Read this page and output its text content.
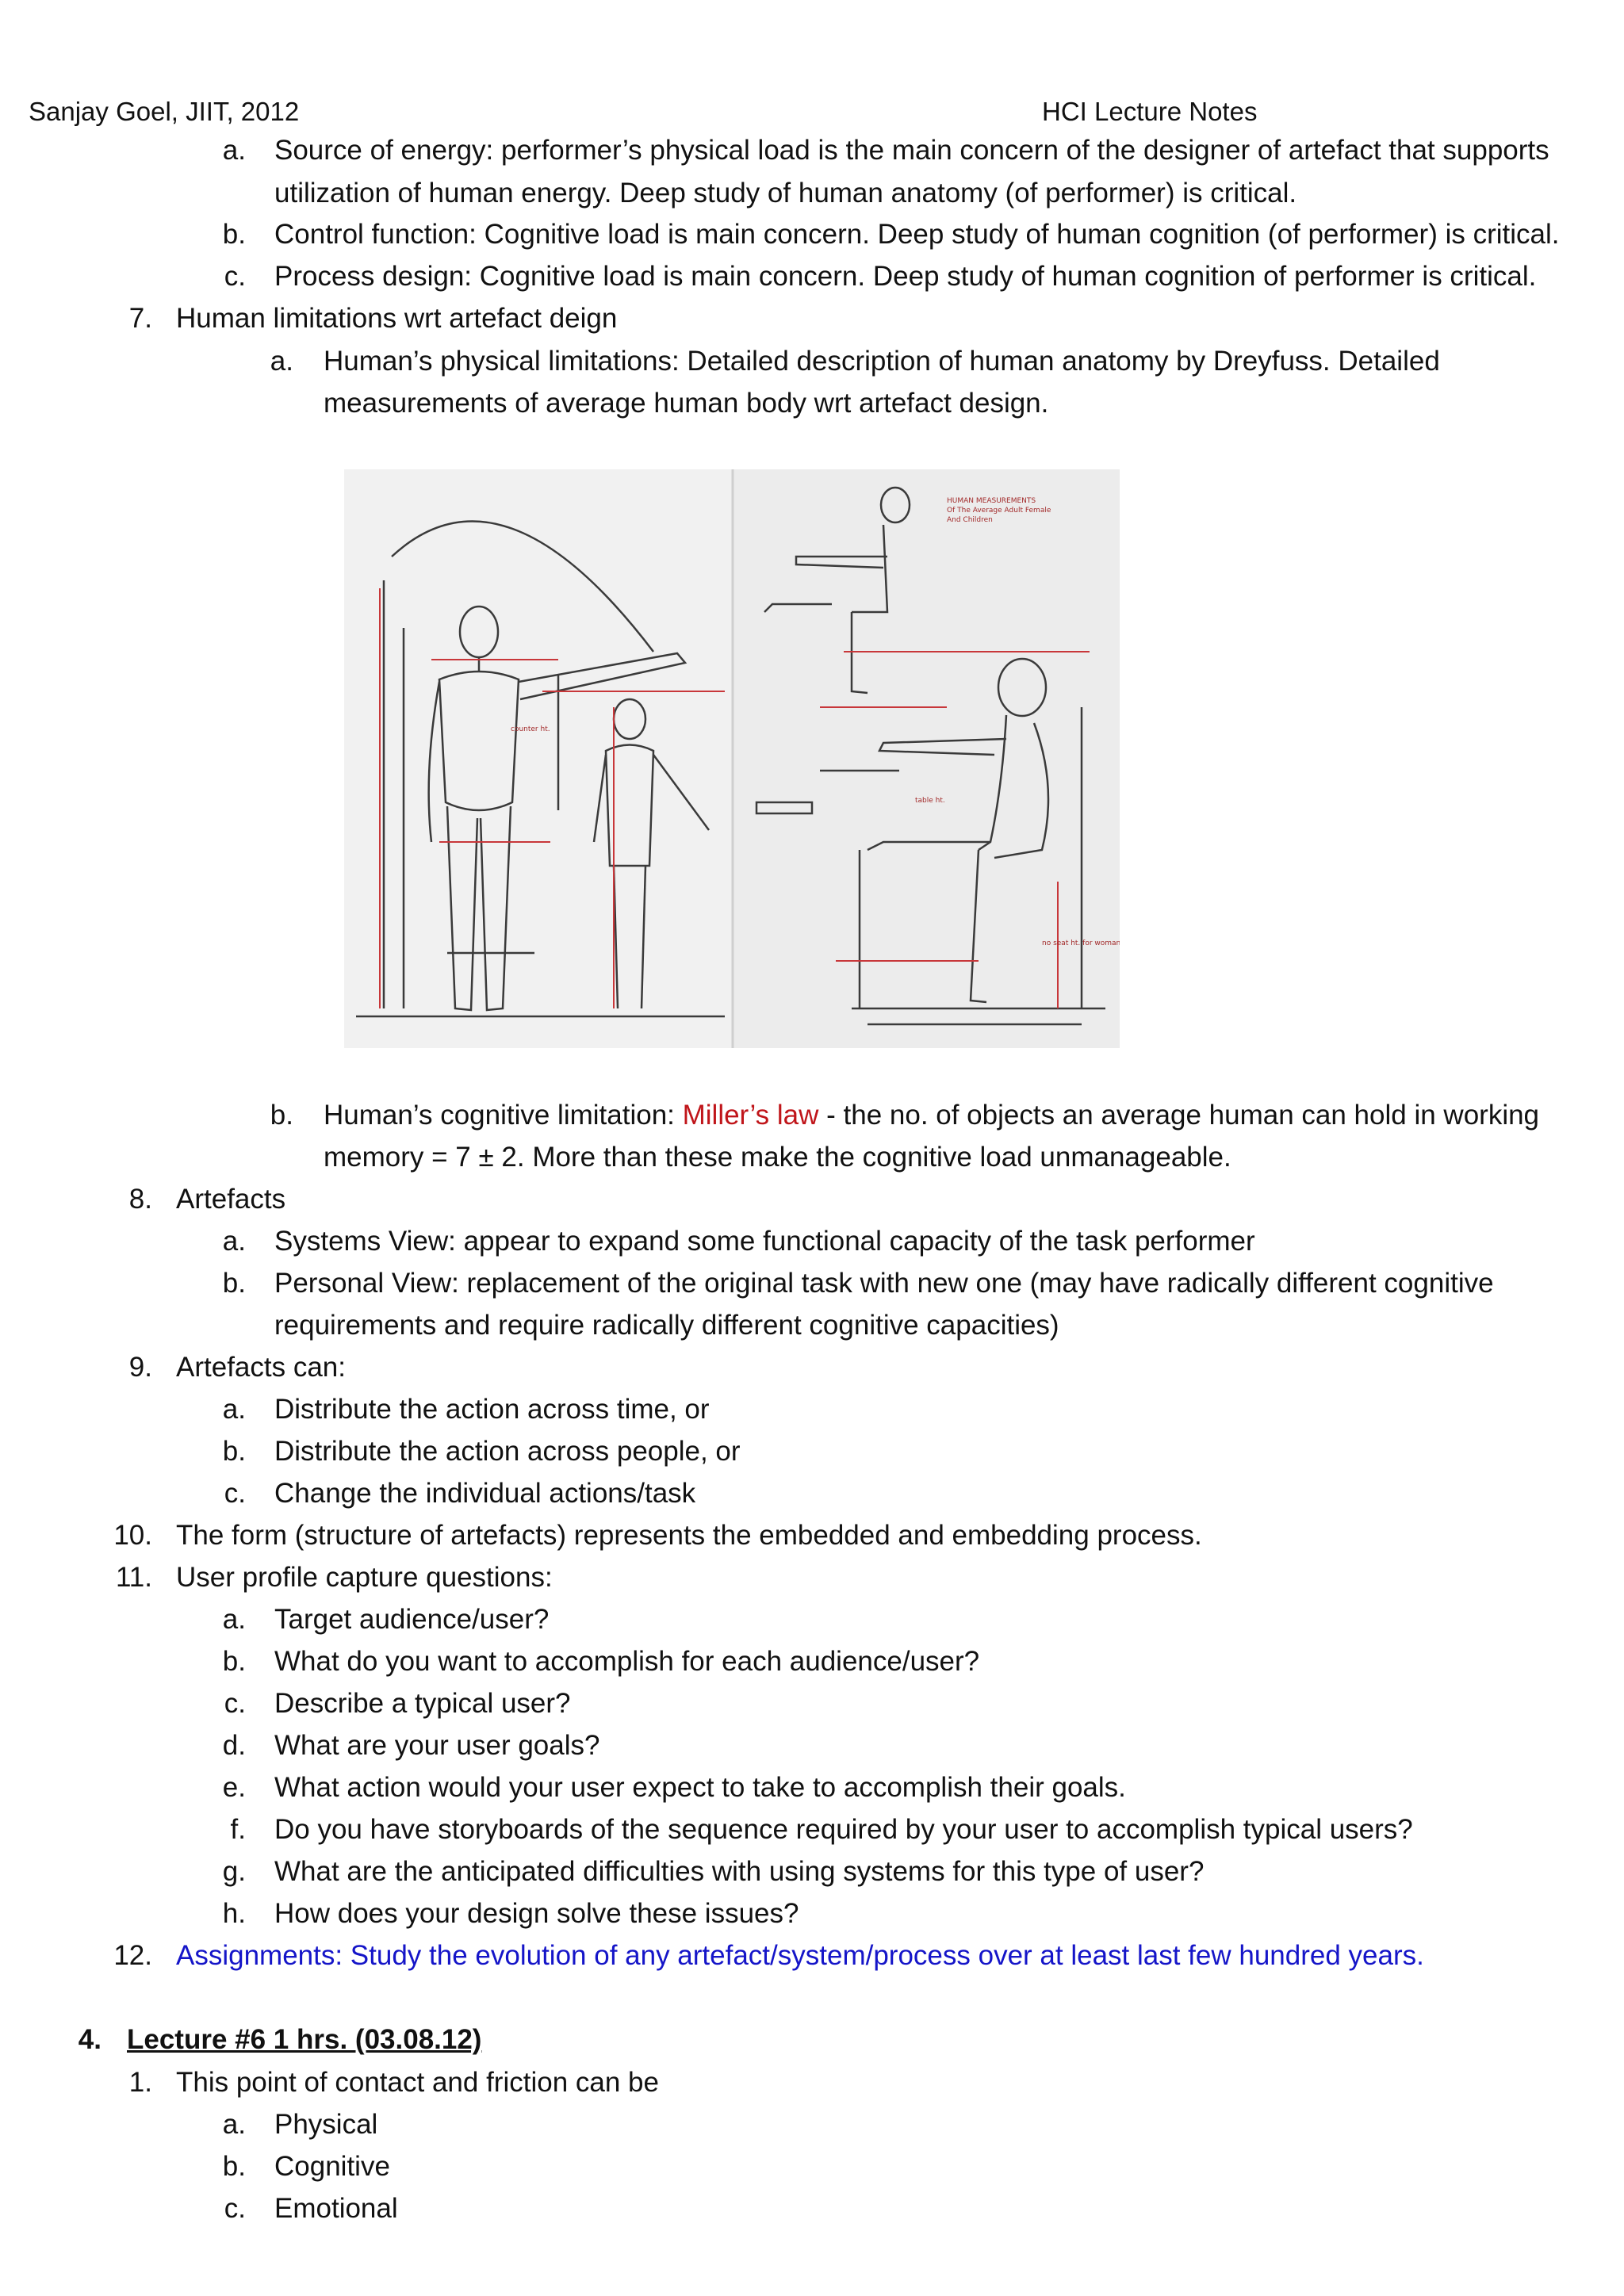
Sanjay Goel, JIIT, 2012	HCI Lecture Notes
a. Source of energy: performer’s physical load is the main concern of the designer of artefact that supports
utilization of human energy. Deep study of human anatomy (of performer) is critical.
b. Control function: Cognitive load is main concern. Deep study of human cognition (of performer) is critical.
c. Process design: Cognitive load is main concern. Deep study of human cognition of performer is critical.
7. Human limitations wrt artefact deign
a. Human’s physical limitations: Detailed description of human anatomy by Dreyfuss. Detailed
measurements of average human body wrt artefact design.
HUMAN MEASUREMENTS
Of The Average Adult Female
And Children
counter ht.
table ht.
no seat ht. for woman
b. Human’s cognitive limitation: Miller’s law - the no. of objects an average human can hold in working
memory = 7 ± 2. More than these make the cognitive load unmanageable.
8. Artefacts
a. Systems View: appear to expand some functional capacity of the task performer
b. Personal View: replacement of the original task with new one (may have radically different cognitive
requirements and require radically different cognitive capacities)
9. Artefacts can:
a. Distribute the action across time, or
b. Distribute the action across people, or
c. Change the individual actions/task
10. The form (structure of artefacts) represents the embedded and embedding process.
11. User profile capture questions:
a. Target audience/user?
b. What do you want to accomplish for each audience/user?
c. Describe a typical user?
d. What are your user goals?
e. What action would your user expect to take to accomplish their goals.
f. Do you have storyboards of the sequence required by your user to accomplish typical users?
g. What are the anticipated difficulties with using systems for this type of user?
h. How does your design solve these issues?
12. Assignments: Study the evolution of any artefact/system/process over at least last few hundred years.
4. Lecture #6 1 hrs. (03.08.12)
1. This point of contact and friction can be
a. Physical
b. Cognitive
c. Emotional
